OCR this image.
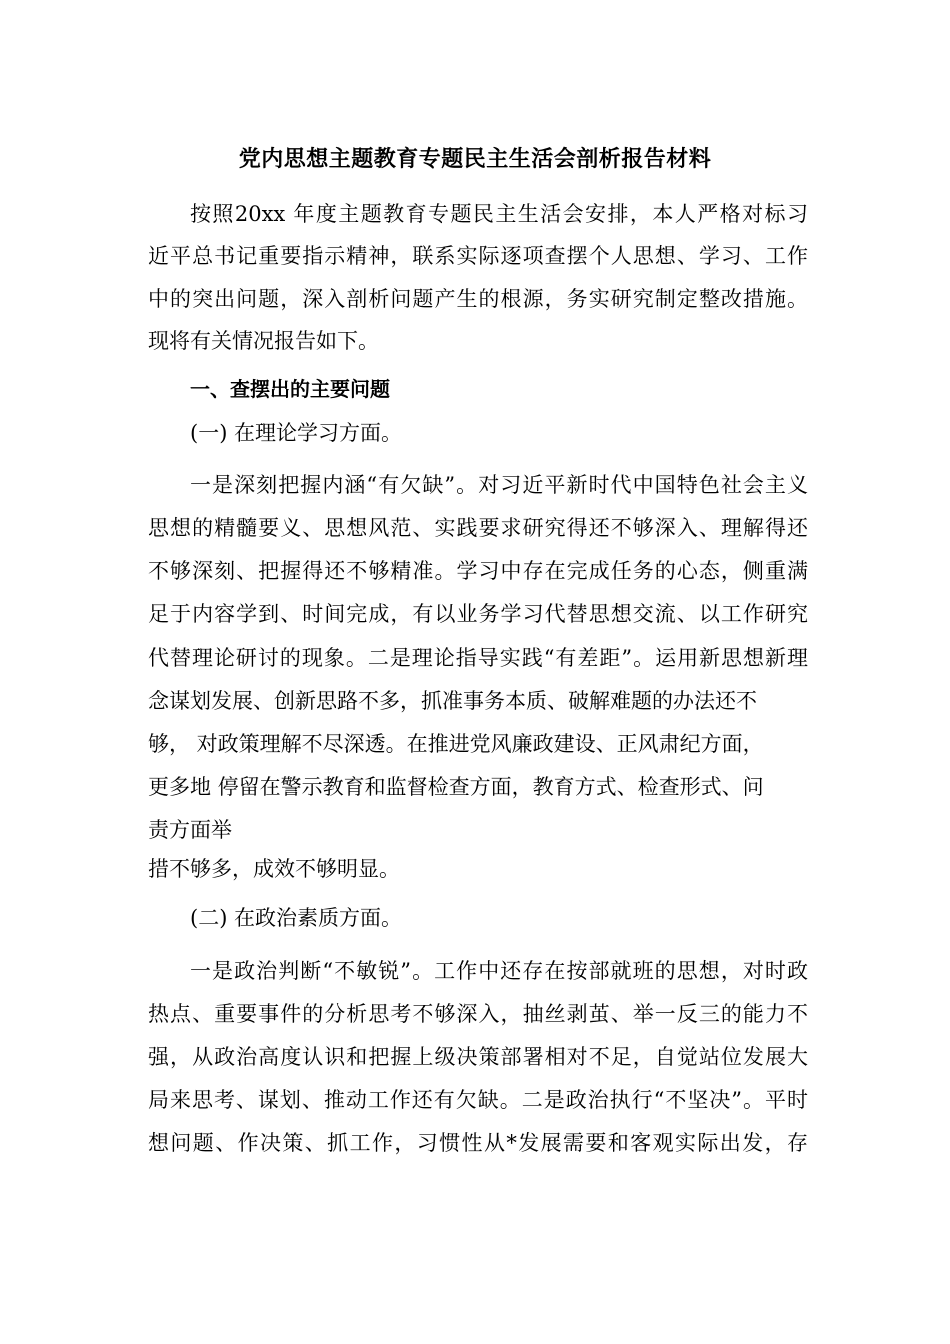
党内思想主题教育专题民主生活会剖析报告材料
按照20xx 年度主题教育专题民主生活会安排，本人严格对标习
近平总书记重要指示精神，联系实际逐项查摆个人思想、学习、工作
中的突出问题，深入剖析问题产生的根源，务实研究制定整改措施。
现将有关情况报告如下。
一、查摆出的主要问题
(一) 在理论学习方面。
一是深刻把握内涵“有欠缺”。对习近平新时代中国特色社会主义
思想的精髓要义、思想风范、实践要求研究得还不够深入、理解得还
不够深刻、把握得还不够精准。学习中存在完成任务的心态，侧重满
足于内容学到、时间完成，有以业务学习代替思想交流、以工作研究
代替理论研讨的现象。二是理论指导实践“有差距”。运用新思想新理
念谋划发展、创新思路不多，抓准事务本质、破解难题的办法还不
够， 对政策理解不尽深透。在推进党风廉政建设、正风肃纪方面，
更多地 停留在警示教育和监督检查方面，教育方式、检查形式、问
责方面举
措不够多，成效不够明显。
(二) 在政治素质方面。
一是政治判断“不敏锐”。工作中还存在按部就班的思想，对时政
热点、重要事件的分析思考不够深入，抽丝剥茧、举一反三的能力不
强，从政治高度认识和把握上级决策部署相对不足，自觉站位发展大
局来思考、谋划、推动工作还有欠缺。二是政治执行“不坚决”。平时
想问题、作决策、抓工作，习惯性从*发展需要和客观实际出发，存
